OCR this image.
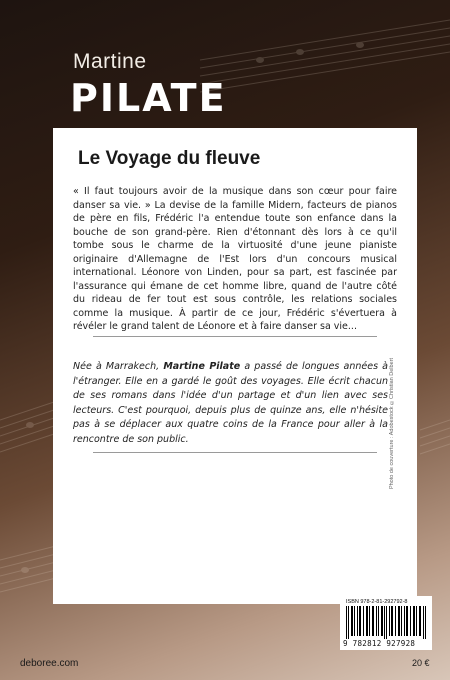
Martine
PILATE
Le Voyage du fleuve

« Il faut toujours avoir de la musique dans son cœur pour faire danser sa vie. » La devise de la famille Midern, facteurs de pianos de père en fils, Frédéric l'a entendue toute son enfance dans la bouche de son grand-père. Rien d'étonnant dès lors à ce qu'il tombe sous le charme de la virtuosité d'une jeune pianiste originaire d'Allemagne de l'Est lors d'un concours musical international. Léonore von Linden, pour sa part, est fascinée par l'assurance qui émane de cet homme libre, quand de l'autre côté du rideau de fer tout est sous contrôle, les relations sociales comme la musique. À partir de ce jour, Frédéric s'évertuera à révéler le grand talent de Léonore et à faire danser sa vie...

Née à Marrakech, Martine Pilate a passé de longues années à l'étranger. Elle en a gardé le goût des voyages. Elle écrit chacun de ses romans dans l'idée d'un partage et d'un lien avec ses lecteurs. C'est pourquoi, depuis plus de quinze ans, elle n'hésite pas à se déplacer aux quatre coins de la France pour aller à la rencontre de son public.	Photo de couverture : Adobestock ©Christian Delbert
ISBN 978-2-81-292792-8
9 782812 927928
deboree.com	20 €
